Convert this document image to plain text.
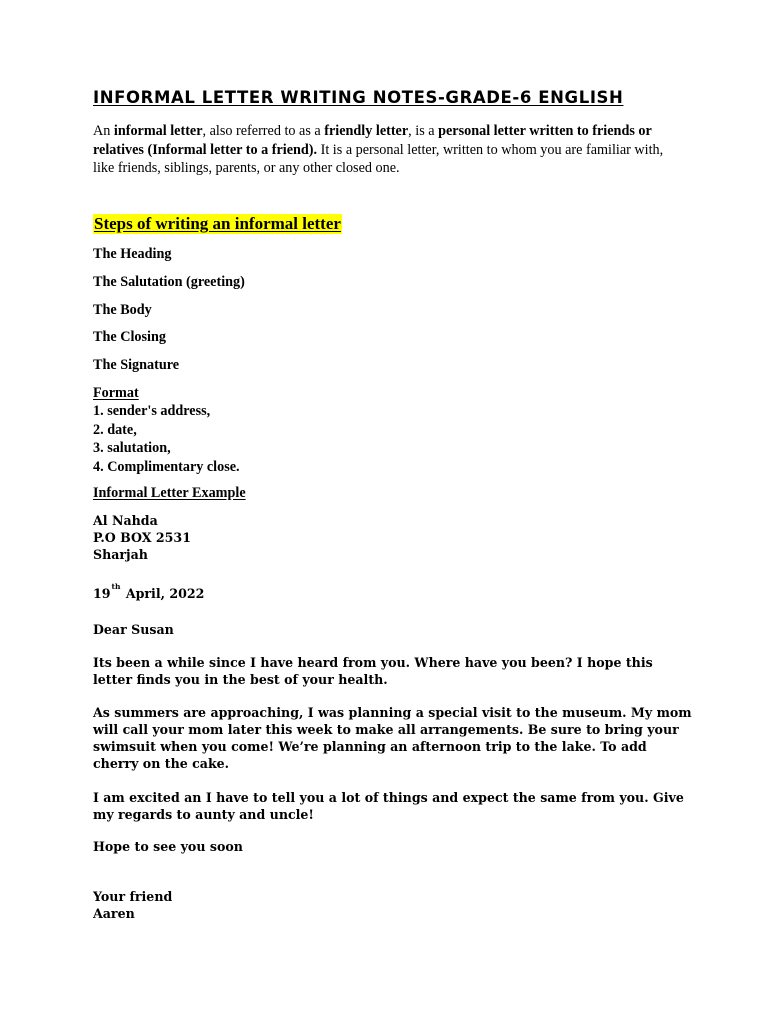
INFORMAL LETTER WRITING NOTES-GRADE-6 ENGLISH

An informal letter, also referred to as a friendly letter, is a personal letter written to friends or relatives (Informal letter to a friend). It is a personal letter, written to whom you are familiar with, like friends, siblings, parents, or any other closed one.

Steps of writing an informal letter
The Heading
The Salutation (greeting)
The Body
The Closing
The Signature
Format
1. sender's address,
2. date,
3. salutation,
4. Complimentary close.
Informal Letter Example
Al Nahda
P.O BOX 2531
Sharjah
19th April, 2022
Dear Susan

Its been a while since I have heard from you. Where have you been? I hope this letter finds you in the best of your health.

As summers are approaching, I was planning a special visit to the museum. My mom will call your mom later this week to make all arrangements. Be sure to bring your swimsuit when you come! We’re planning an afternoon trip to the lake. To add cherry on the cake.

I am excited an I have to tell you a lot of things and expect the same from you. Give my regards to aunty and uncle!

Hope to see you soon
Your friend
Aaren
